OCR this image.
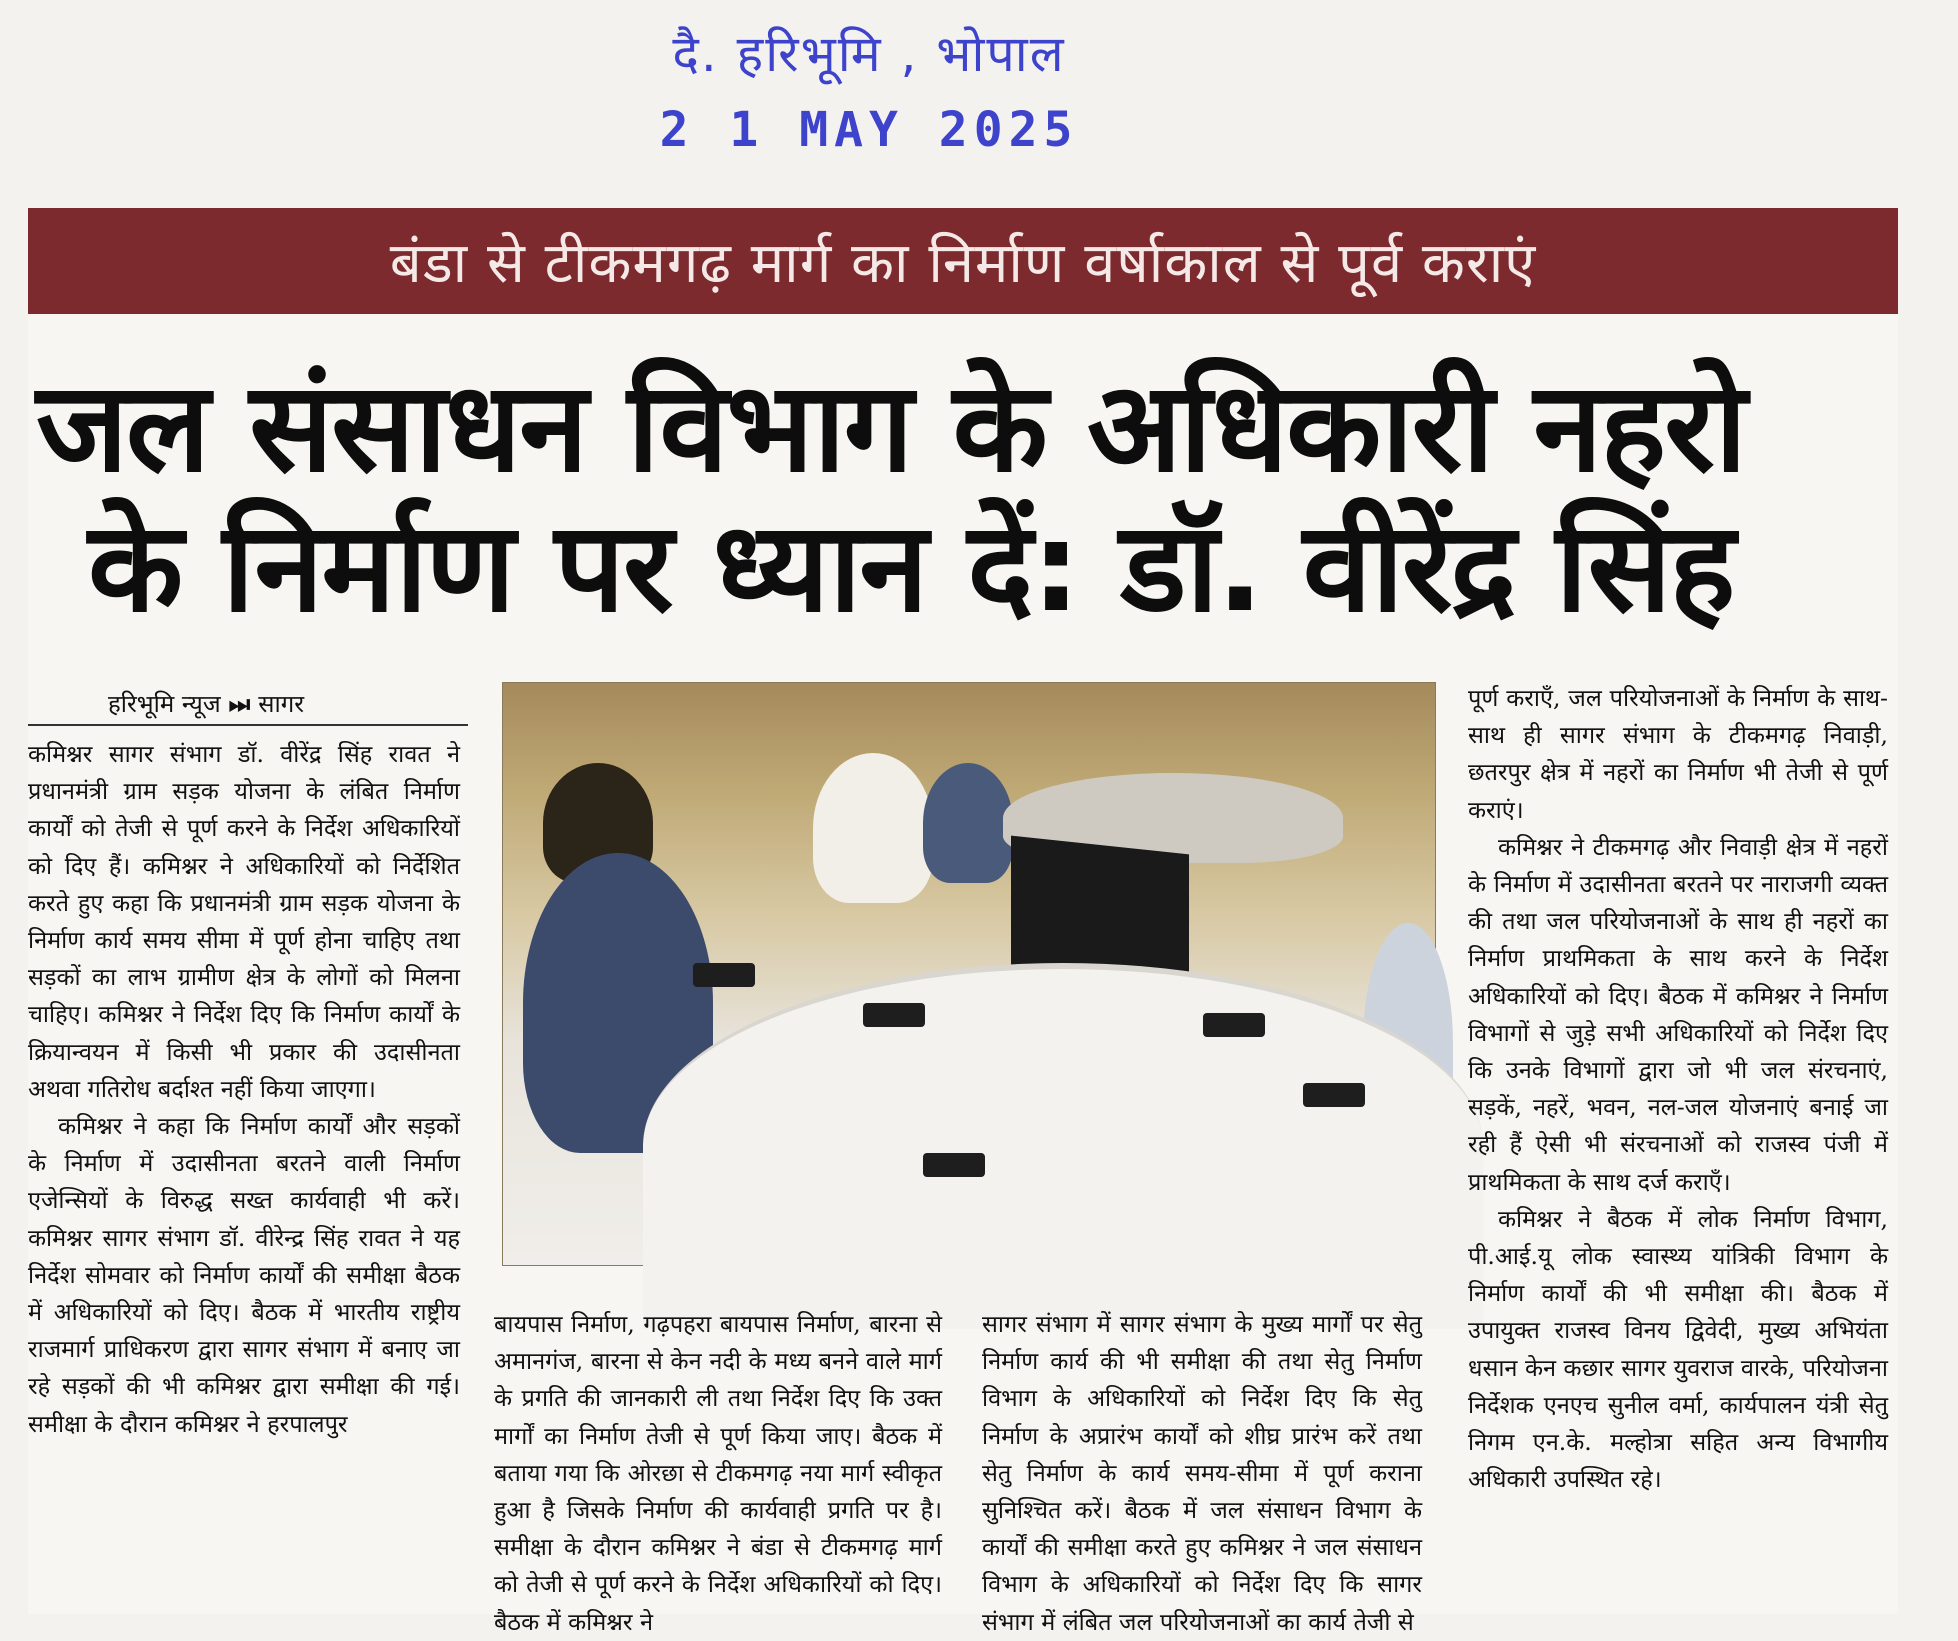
दै. हरिभूमि , भोपाल
2 1 MAY 2025
बंडा से टीकमगढ़ मार्ग का निर्माण वर्षाकाल से पूर्व कराएं
जल संसाधन विभाग के अधिकारी नहरो
के निर्माण पर ध्यान दें: डॉ. वीरेंद्र सिंह
हरिभूमि न्यूज ⏭ सागर

कमिश्नर सागर संभाग डॉ. वीरेंद्र सिंह रावत ने प्रधानमंत्री ग्राम सड़क योजना के लंबित निर्माण कार्यों को तेजी से पूर्ण करने के निर्देश अधिकारियों को दिए हैं। कमिश्नर ने अधिकारियों को निर्देशित करते हुए कहा कि प्रधानमंत्री ग्राम सड़क योजना के निर्माण कार्य समय सीमा में पूर्ण होना चाहिए तथा सड़कों का लाभ ग्रामीण क्षेत्र के लोगों को मिलना चाहिए। कमिश्नर ने निर्देश दिए कि निर्माण कार्यों के क्रियान्वयन में किसी भी प्रकार की उदासीनता अथवा गतिरोध बर्दाश्त नहीं किया जाएगा।

कमिश्नर ने कहा कि निर्माण कार्यों और सड़कों के निर्माण में उदासीनता बरतने वाली निर्माण एजेन्सियों के विरुद्ध सख्त कार्यवाही भी करें। कमिश्नर सागर संभाग डॉ. वीरेन्द्र सिंह रावत ने यह निर्देश सोमवार को निर्माण कार्यों की समीक्षा बैठक में अधिकारियों को दिए। बैठक में भारतीय राष्ट्रीय राजमार्ग प्राधिकरण द्वारा सागर संभाग में बनाए जा रहे सड़कों की भी कमिश्नर द्वारा समीक्षा की गई। समीक्षा के दौरान कमिश्नर ने हरपालपुर

बायपास निर्माण, गढ़पहरा बायपास निर्माण, बारना से अमानगंज, बारना से केन नदी के मध्य बनने वाले मार्ग के प्रगति की जानकारी ली तथा निर्देश दिए कि उक्त मार्गों का निर्माण तेजी से पूर्ण किया जाए। बैठक में बताया गया कि ओरछा से टीकमगढ़ नया मार्ग स्वीकृत हुआ है जिसके निर्माण की कार्यवाही प्रगति पर है। समीक्षा के दौरान कमिश्नर ने बंडा से टीकमगढ़ मार्ग को तेजी से पूर्ण करने के निर्देश अधिकारियों को दिए। बैठक में कमिश्नर ने

सागर संभाग में सागर संभाग के मुख्य मार्गों पर सेतु निर्माण कार्य की भी समीक्षा की तथा सेतु निर्माण विभाग के अधिकारियों को निर्देश दिए कि सेतु निर्माण के अप्रारंभ कार्यों को शीघ्र प्रारंभ करें तथा सेतु निर्माण के कार्य समय-सीमा में पूर्ण कराना सुनिश्चित करें। बैठक में जल संसाधन विभाग के कार्यों की समीक्षा करते हुए कमिश्नर ने जल संसाधन विभाग के अधिकारियों को निर्देश दिए कि सागर संभाग में लंबित जल परियोजनाओं का कार्य तेजी से

पूर्ण कराएँ, जल परियोजनाओं के निर्माण के साथ-साथ ही सागर संभाग के टीकमगढ़ निवाड़ी, छतरपुर क्षेत्र में नहरों का निर्माण भी तेजी से पूर्ण कराएं।

कमिश्नर ने टीकमगढ़ और निवाड़ी क्षेत्र में नहरों के निर्माण में उदासीनता बरतने पर नाराजगी व्यक्त की तथा जल परियोजनाओं के साथ ही नहरों का निर्माण प्राथमिकता के साथ करने के निर्देश अधिकारियों को दिए। बैठक में कमिश्नर ने निर्माण विभागों से जुड़े सभी अधिकारियों को निर्देश दिए कि उनके विभागों द्वारा जो भी जल संरचनाएं, सड़कें, नहरें, भवन, नल-जल योजनाएं बनाई जा रही हैं ऐसी भी संरचनाओं को राजस्व पंजी में प्राथमिकता के साथ दर्ज कराएँ।

कमिश्नर ने बैठक में लोक निर्माण विभाग, पी.आई.यू लोक स्वास्थ्य यांत्रिकी विभाग के निर्माण कार्यों की भी समीक्षा की। बैठक में उपायुक्त राजस्व विनय द्विवेदी, मुख्य अभियंता धसान केन कछार सागर युवराज वारके, परियोजना निर्देशक एनएच सुनील वर्मा, कार्यपालन यंत्री सेतु निगम एन.के. मल्होत्रा सहित अन्य विभागीय अधिकारी उपस्थित रहे।
